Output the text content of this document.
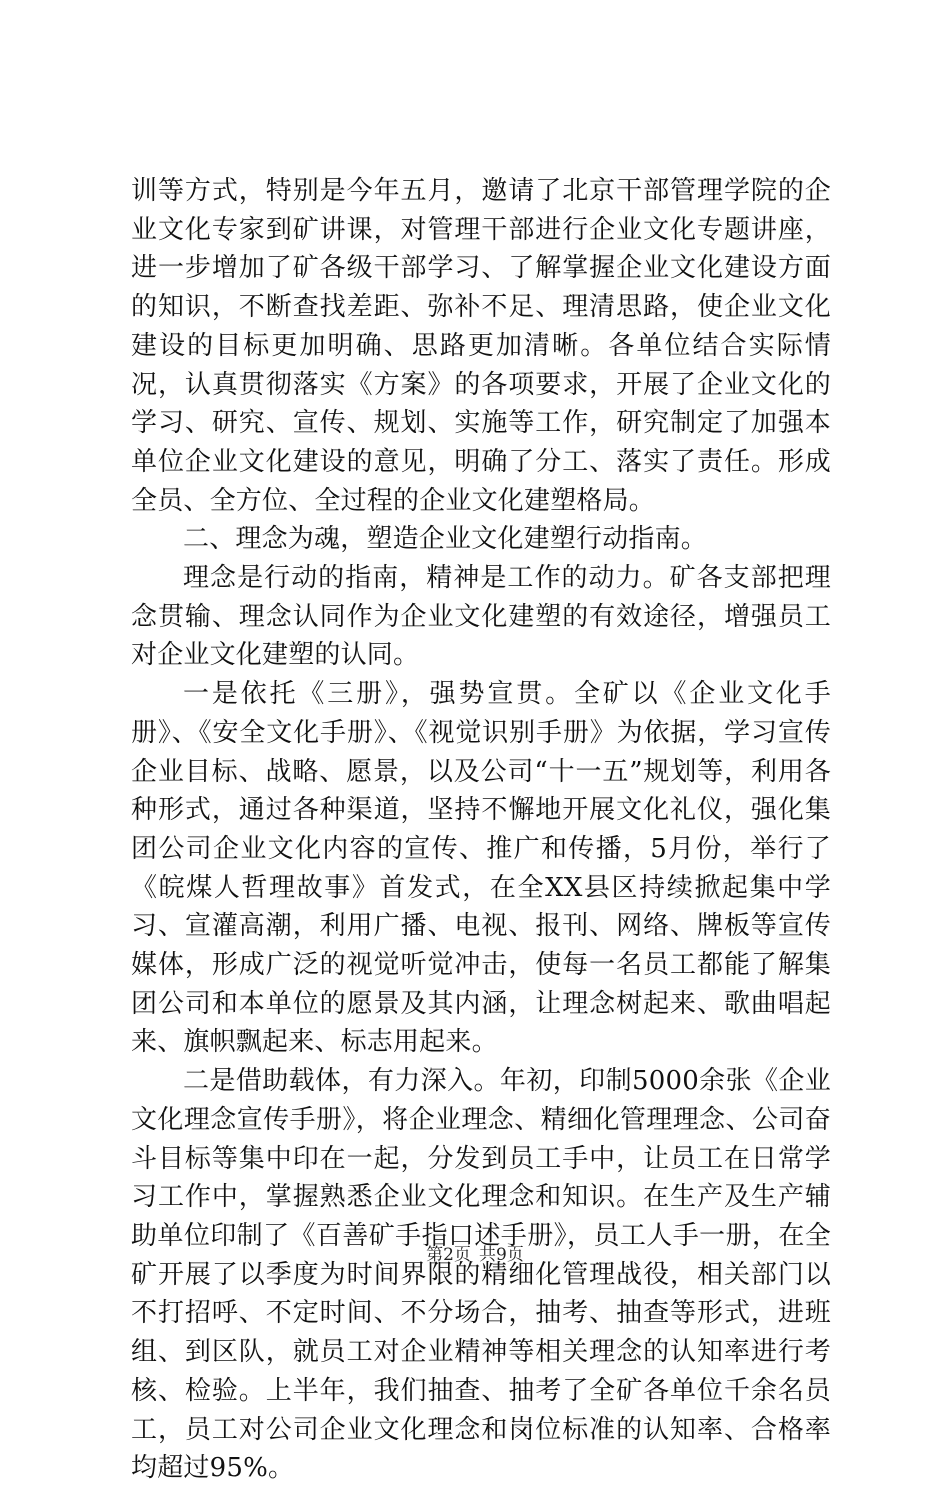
训等方式，特别是今年五月，邀请了北京干部管理学院的企业文化专家到矿讲课，对管理干部进行企业文化专题讲座，进一步增加了矿各级干部学习、了解掌握企业文化建设方面的知识，不断查找差距、弥补不足、理清思路，使企业文化建设的目标更加明确、思路更加清晰。各单位结合实际情况，认真贯彻落实《方案》的各项要求，开展了企业文化的学习、研究、宣传、规划、实施等工作，研究制定了加强本单位企业文化建设的意见，明确了分工、落实了责任。形成全员、全方位、全过程的企业文化建塑格局。

二、理念为魂，塑造企业文化建塑行动指南。

理念是行动的指南，精神是工作的动力。矿各支部把理念贯输、理念认同作为企业文化建塑的有效途径，增强员工对企业文化建塑的认同。

一是依托《三册》，强势宣贯。全矿以《企业文化手册》、《安全文化手册》、《视觉识别手册》为依据，学习宣传企业目标、战略、愿景，以及公司“十一五”规划等，利用各种形式，通过各种渠道，坚持不懈地开展文化礼仪，强化集团公司企业文化内容的宣传、推广和传播，5月份，举行了《皖煤人哲理故事》首发式，在全XX县区持续掀起集中学习、宣灌高潮，利用广播、电视、报刊、网络、牌板等宣传媒体，形成广泛的视觉听觉冲击，使每一名员工都能了解集团公司和本单位的愿景及其内涵，让理念树起来、歌曲唱起来、旗帜飘起来、标志用起来。

二是借助载体，有力深入。年初，印制5000余张《企业文化理念宣传手册》，将企业理念、精细化管理理念、公司奋斗目标等集中印在一起，分发到员工手中，让员工在日常学习工作中，掌握熟悉企业文化理念和知识。在生产及生产辅助单位印制了《百善矿手指口述手册》，员工人手一册，在全矿开展了以季度为时间界限的精细化管理战役，相关部门以不打招呼、不定时间、不分场合，抽考、抽查等形式，进班组、到区队，就员工对企业精神等相关理念的认知率进行考核、检验。上半年，我们抽查、抽考了全矿各单位千余名员工，员工对公司企业文化理念和岗位标准的认知率、合格率均超过95%。

第2页 共9页
